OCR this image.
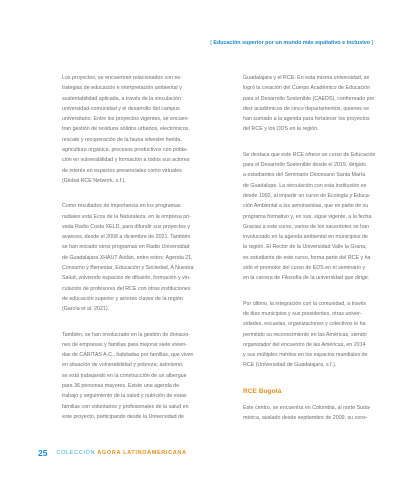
[ Educación superior por un mundo más equitativo e inclusivo ]
Los proyectos, se encuentran relacionados con es-
trategias de educación e interpretación ambiental y
sustentabilidad aplicada, a través de la vinculación
universidad-comunidad y el desarrollo del campus
universitario. Entre los proyectos vigentes, se encuen-
tran gestión de residuos sólidos urbanos, electrónicos,
rescate y recuperación de la fauna silvestre herida,
agricultura orgánica, procesos productivos con pobla-
ción en vulnerabilidad y formación a todos sus actores
de interés en espacios presenciales como virtuales
(Global RCE Network, s.f.).
Como resultados de importancia en los programas
radiales está Ecos de la Naturaleza, en la empresa pri-
vada Radio Costa XELD, para difundir sus proyectos y
avances, desde el 2008 a diciembre de 2021. También
se han iniciado otros programas en Radio Universidad
de Guadalajara XHAUT Autlán, entre estos: Agenda 21,
Consumo y Bienestar, Educación y Sociedad, A Nuestra
Salud, volviendo espacios de difusión, formación y vin-
culación de profesores del RCE con otras instituciones
de educación superior y actores claves de la región
(García et al. 2021).
También, se han involucrado en la gestión de donacio-
nes de empresas y familias para mejorar siete vivien-
das de CÁRITAS A.C., habitadas por familias, que viven
en situación de vulnerabilidad y pobreza; asimismo,
se está trabajando en la construcción de un albergue
para 36 personas mayores. Existe una agenda de
trabajo y seguimiento de la salud y nutrición de estas
familias con voluntarios y profesionales de la salud en
este proyecto, participando desde la Universidad de
Guadalajara y el RCE. En esta misma universidad, se
logró la creación del Cuerpo Académico de Educación
para el Desarrollo Sostenible (CAEDS), conformado por
diez académicos de cinco departamentos, quienes se
han sumado a la agenda para fortalecer los proyectos
del RCE y los ODS en la región.
Se destaca que este RCE ofrece un curso de Educación
para el Desarrollo Sostenible desde el 2019, dirigido
a estudiantes del Seminario Diocesano Santa María
de Guadalupe. La vinculación con esta institución es
desde 1992, al impartir un curso de Ecología y Educa-
ción Ambiental a los seminaristas, que es parte de su
programa formativo y, en sus, sigue vigente, a la fecha.
Gracias a este curso, varios de los sacerdotes se han
involucrado en la agenda ambiental en municipios de
la región. El Rector de la Universidad Valle la Grana,
ex estudiante de este curso, forma parte del RCE y ha
sido el promotor del curso de EDS en el seminario y
en la carrera de Filosofía de la universidad que dirige.
Por último, la integración con la comunidad, a través
de diez municipios y sus presidentes, otras univer-
sidades, escuelas, organizaciones y colectivos le ha
permitido su reconocimiento en las Américas, siendo
organizador del encuentro de las Américas, en 2014
y sus múltiples méritos en los espacios mundiales de
RCE (Universidad de Guadalajara, s.f.).
RCE Bogotá
Este centro, se encuentra en Colombia, al norte Suda-
mérica, avalado desde septiembre de 2009, su cons-
25 COLECCIÓN AGORA LATINOAMERICANA
